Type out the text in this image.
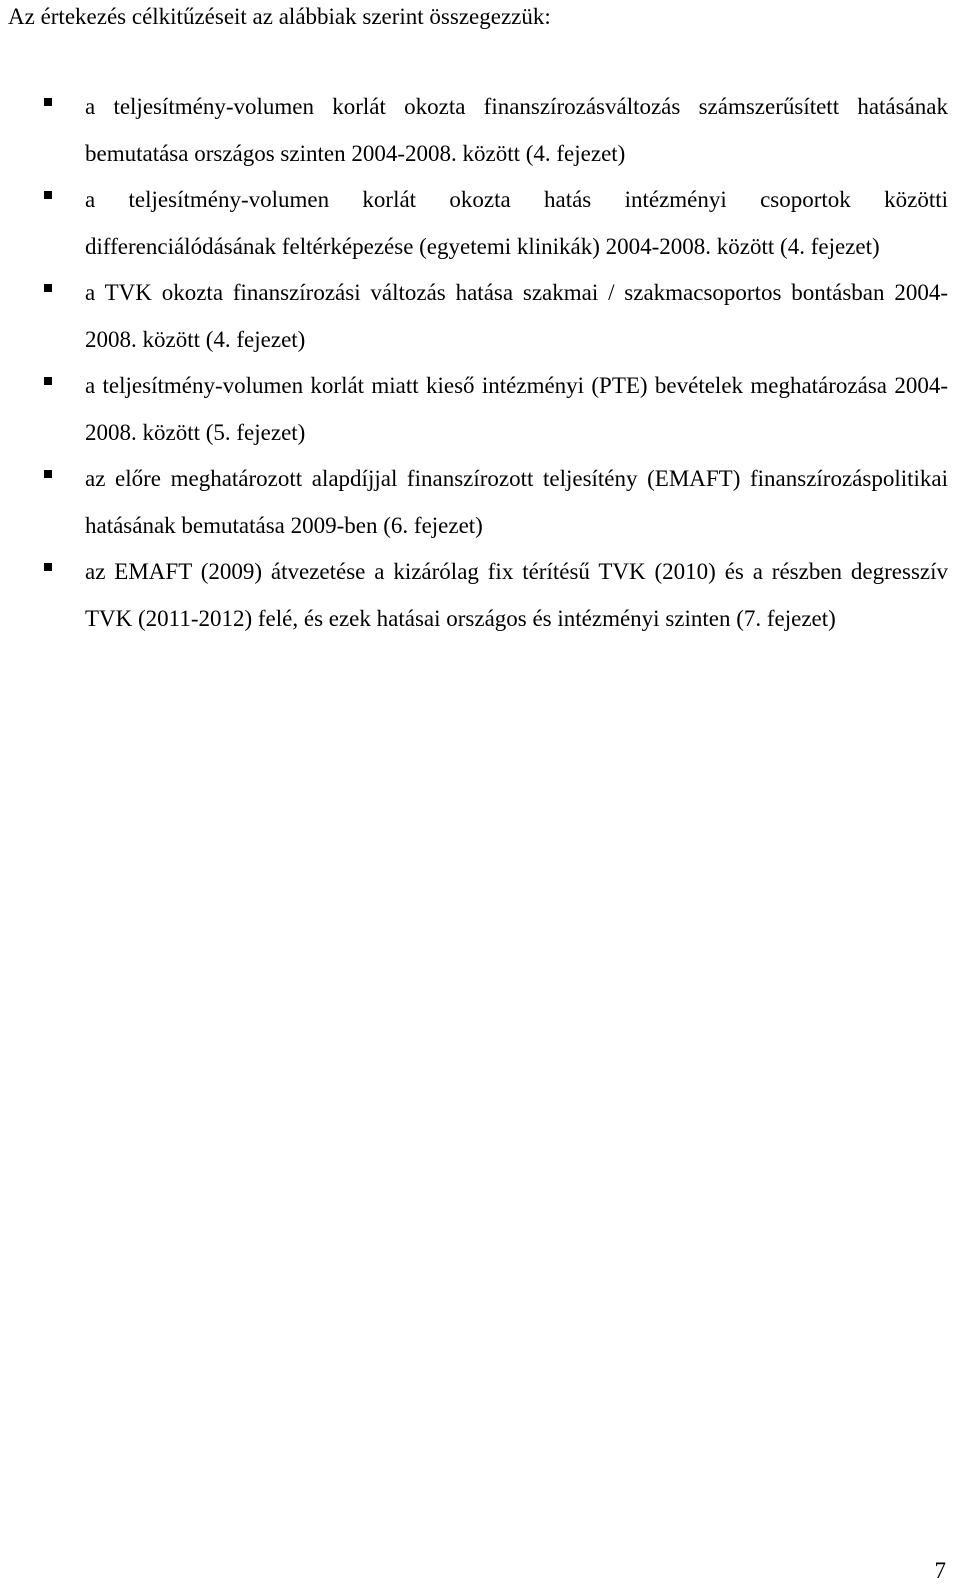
Az értekezés célkitűzéseit az alábbiak szerint összegezzük:

a teljesítmény-volumen korlát okozta finanszírozásváltozás számszerűsített hatásának bemutatása országos szinten 2004-2008. között (4. fejezet)
a teljesítmény-volumen korlát okozta hatás intézményi csoportok közötti differenciálódásának feltérképezése (egyetemi klinikák) 2004-2008. között (4. fejezet)
a TVK okozta finanszírozási változás hatása szakmai / szakmacsoportos bontásban 2004-2008. között (4. fejezet)
a teljesítmény-volumen korlát miatt kieső intézményi (PTE) bevételek meghatározása 2004-2008. között (5. fejezet)
az előre meghatározott alapdíjjal finanszírozott teljesítény (EMAFT) finanszírozáspolitikai hatásának bemutatása 2009-ben (6. fejezet)
az EMAFT (2009) átvezetése a kizárólag fix térítésű TVK (2010) és a részben degresszív TVK (2011-2012) felé, és ezek hatásai országos és intézményi szinten (7. fejezet)

7
